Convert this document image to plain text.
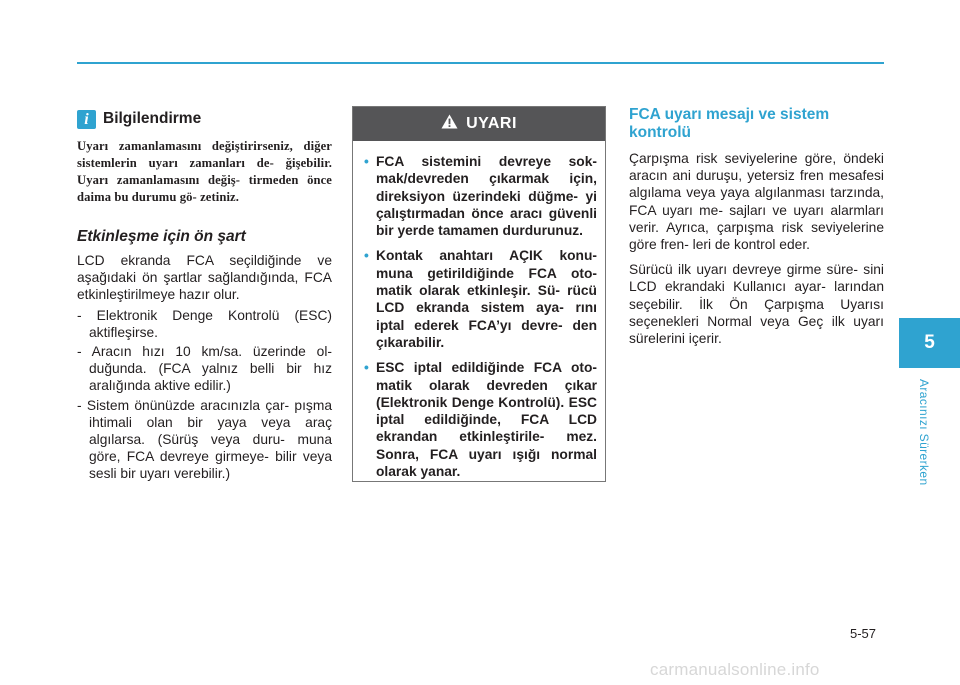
i Bilgilendirme
Uyarı zamanlamasını değiştirirseniz, diğer sistemlerin uyarı zamanları de- ğişebilir. Uyarı zamanlamasını değiş- tirmeden önce daima bu durumu gö- zetiniz.
Etkinleşme için ön şart
LCD ekranda FCA seçildiğinde ve aşağıdaki ön şartlar sağlandığında, FCA etkinleştirilmeye hazır olur.
- Elektronik Denge Kontrolü (ESC) aktifleşirse.
- Aracın hızı 10 km/sa. üzerinde ol- duğunda. (FCA yalnız belli bir hız aralığında aktive edilir.)
- Sistem önünüzde aracınızla çar- pışma ihtimali olan bir yaya veya araç algılarsa. (Sürüş veya duru- muna göre, FCA devreye girmeye- bilir veya sesli bir uyarı verebilir.)
UYARI
• FCA sistemini devreye sok- mak/devreden çıkarmak için, direksiyon üzerindeki düğme- yi çalıştırmadan önce aracı güvenli bir yerde tamamen durdurunuz.
• Kontak anahtarı AÇIK konu- muna getirildiğinde FCA oto- matik olarak etkinleşir. Sü- rücü LCD ekranda sistem aya- rını iptal ederek FCA’yı devre- den çıkarabilir.
• ESC iptal edildiğinde FCA oto- matik olarak devreden çıkar (Elektronik Denge Kontrolü). ESC iptal edildiğinde, FCA LCD ekrandan etkinleştirile- mez. Sonra, FCA uyarı ışığı normal olarak yanar.
FCA uyarı mesajı ve sistem kontrolü
Çarpışma risk seviyelerine göre, öndeki aracın ani duruşu, yetersiz fren mesafesi algılama veya yaya algılanması tarzında, FCA uyarı me- sajları ve uyarı alarmları verir. Ayrıca, çarpışma risk seviyelerine göre fren- leri de kontrol eder.
Sürücü ilk uyarı devreye girme süre- sini LCD ekrandaki Kullanıcı ayar- larından seçebilir. İlk Ön Çarpışma Uyarısı seçenekleri Normal veya Geç ilk uyarı sürelerini içerir.	5
Aracınızı Sürerken
5-57
carmanualsonline.info
